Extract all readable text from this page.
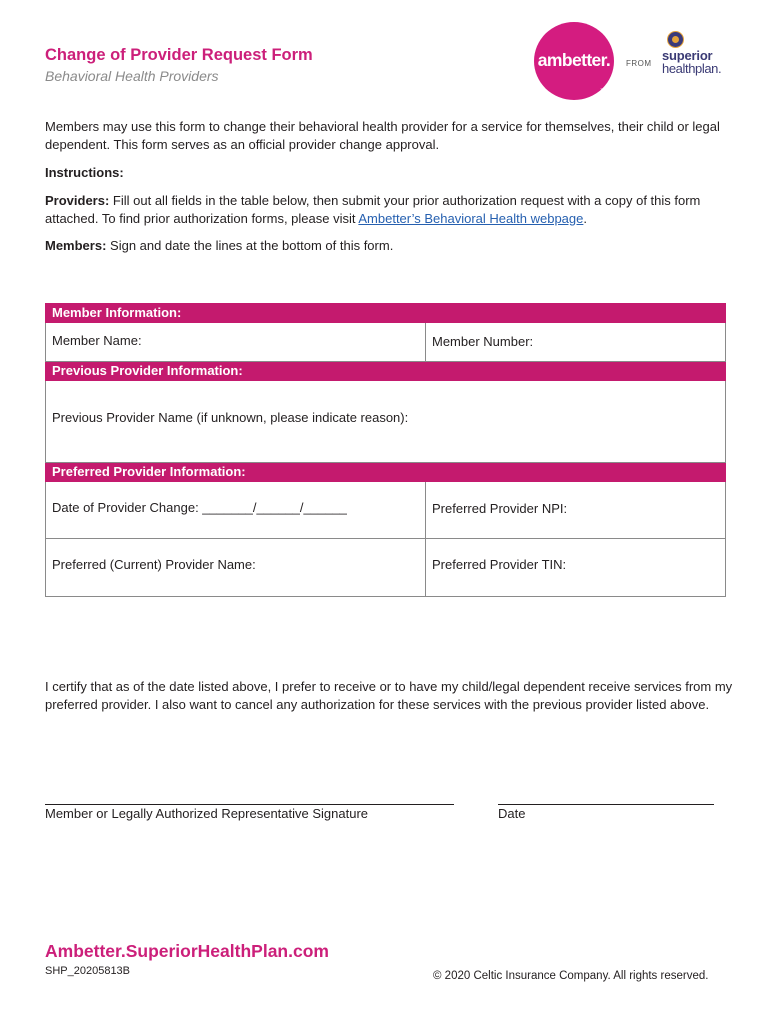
Change of Provider Request Form
Behavioral Health Providers
ambetter.
™
FROM
superior
healthplan.
Members may use this form to change their behavioral health provider for a service for themselves, their child or legal dependent. This form serves as an official provider change approval.
Instructions:
Providers: Fill out all fields in the table below, then submit your prior authorization request with a copy of this form attached. To find prior authorization forms, please visit Ambetter’s Behavioral Health webpage.
Members: Sign and date the lines at the bottom of this form.
Member Information:	
Member Name:	Member Number:
Previous Provider Information:	
Previous Provider Name (if unknown, please indicate reason):	
Preferred Provider Information:	
Date of Provider Change: _______/______/______	Preferred Provider NPI:
Preferred (Current) Provider Name:	Preferred Provider TIN:
I certify that as of the date listed above, I prefer to receive or to have my child/legal dependent receive services from my preferred provider. I also want to cancel any authorization for these services with the previous provider listed above.
Member or Legally Authorized Representative Signature	Date
Ambetter.SuperiorHealthPlan.com
SHP_20205813B	© 2020 Celtic Insurance Company. All rights reserved.
